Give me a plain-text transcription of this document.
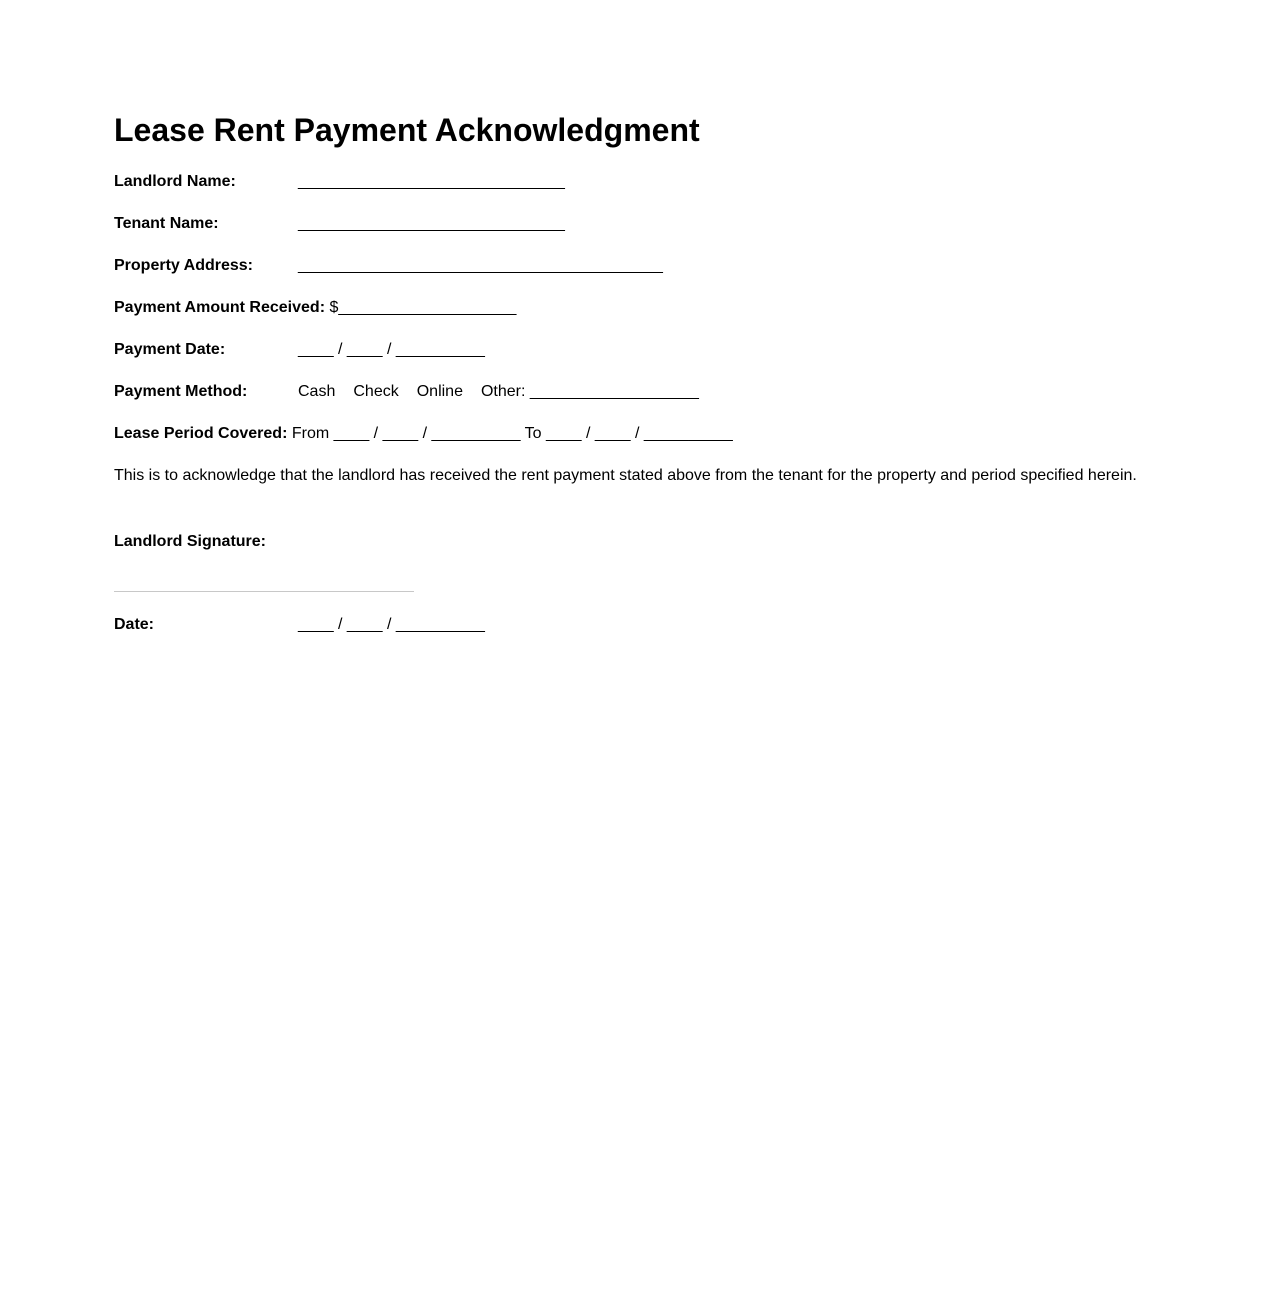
Lease Rent Payment Acknowledgment
Landlord Name:	______________________________
Tenant Name:	______________________________
Property Address:	_________________________________________
Payment Amount Received: $____________________
Payment Date:	____ / ____ / __________
Payment Method:	Cash Check Online Other: ___________________
Lease Period Covered: From ____ / ____ / __________ To ____ / ____ / __________
This is to acknowledge that the landlord has received the rent payment stated above from the tenant for the property and period specified herein.
Landlord Signature:
Date:	____ / ____ / __________
